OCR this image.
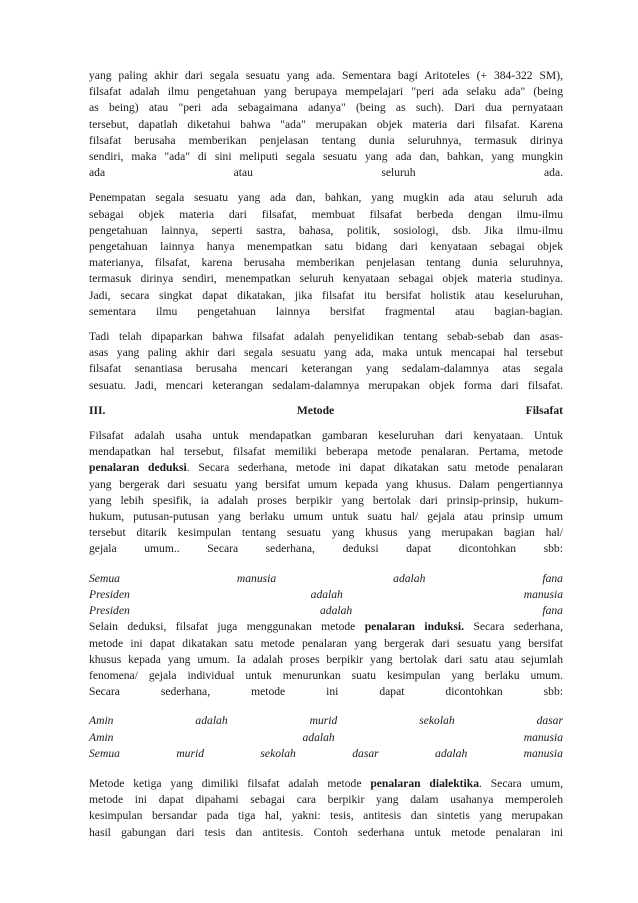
yang paling akhir dari segala sesuatu yang ada. Sementara bagi Aritoteles (+ 384-322 SM),
filsafat adalah ilmu pengetahuan yang berupaya mempelajari "peri ada selaku ada" (being
as being) atau "peri ada sebagaimana adanya" (being as such). Dari dua pernyataan
tersebut, dapatlah diketahui bahwa "ada" merupakan objek materia dari filsafat. Karena
filsafat berusaha memberikan penjelasan tentang dunia seluruhnya, termasuk dirinya
sendiri, maka "ada" di sini meliputi segala sesuatu yang ada dan, bahkan, yang mungkin
ada	atau	seluruh	ada.
Penempatan segala sesuatu yang ada dan, bahkan, yang mugkin ada atau seluruh ada
sebagai objek materia dari filsafat, membuat filsafat berbeda dengan ilmu-ilmu
pengetahuan lainnya, seperti sastra, bahasa, politik, sosiologi, dsb. Jika ilmu-ilmu
pengetahuan lainnya hanya menempatkan satu bidang dari kenyataan sebagai objek
materianya, filsafat, karena berusaha memberikan penjelasan tentang dunia seluruhnya,
termasuk dirinya sendiri, menempatkan seluruh kenyataan sebagai objek materia studinya.
Jadi, secara singkat dapat dikatakan, jika filsafat itu bersifat holistik atau keseluruhan,
sementara ilmu pengetahuan lainnya bersifat fragmental atau bagian-bagian.
Tadi telah dipaparkan bahwa filsafat adalah penyelidikan tentang sebab-sebab dan asas-
asas yang paling akhir dari segala sesuatu yang ada, maka untuk mencapai hal tersebut
filsafat senantiasa berusaha mencari keterangan yang sedalam-dalamnya atas segala
sesuatu. Jadi, mencari keterangan sedalam-dalamnya merupakan objek forma dari filsafat.
III.	Metode	Filsafat
Filsafat adalah usaha untuk mendapatkan gambaran keseluruhan dari kenyataan. Untuk
mendapatkan hal tersebut, filsafat memiliki beberapa metode penalaran. Pertama, metode
penalaran deduksi. Secara sederhana, metode ini dapat dikatakan satu metode penalaran
yang bergerak dari sesuatu yang bersifat umum kepada yang khusus. Dalam pengertiannya
yang lebih spesifik, ia adalah proses berpikir yang bertolak dari prinsip-prinsip, hukum-
hukum, putusan-putusan yang berlaku umum untuk suatu hal/ gejala atau prinsip umum
tersebut ditarik kesimpulan tentang sesuatu yang khusus yang merupakan bagian hal/
gejala umum.. Secara sederhana, deduksi dapat dicontohkan sbb:
Semua	manusia	adalah	fana
Presiden	adalah	manusia
Presiden	adalah	fana
Selain deduksi, filsafat juga menggunakan metode penalaran induksi. Secara sederhana,
metode ini dapat dikatakan satu metode penalaran yang bergerak dari sesuatu yang bersifat
khusus kepada yang umum. Ia adalah proses berpikir yang bertolak dari satu atau sejumlah
fenomena/ gejala individual untuk menurunkan suatu kesimpulan yang berlaku umum.
Secara	sederhana,	metode	ini	dapat	dicontohkan	sbb:
Amin	adalah	murid	sekolah	dasar
Amin	adalah	manusia
Semua	murid	sekolah	dasar	adalah	manusia
Metode ketiga yang dimiliki filsafat adalah metode penalaran dialektika. Secara umum,
metode ini dapat dipahami sebagai cara berpikir yang dalam usahanya memperoleh
kesimpulan bersandar pada tiga hal, yakni: tesis, antitesis dan sintetis yang merupakan
hasil gabungan dari tesis dan antitesis. Contoh sederhana untuk metode penalaran ini
